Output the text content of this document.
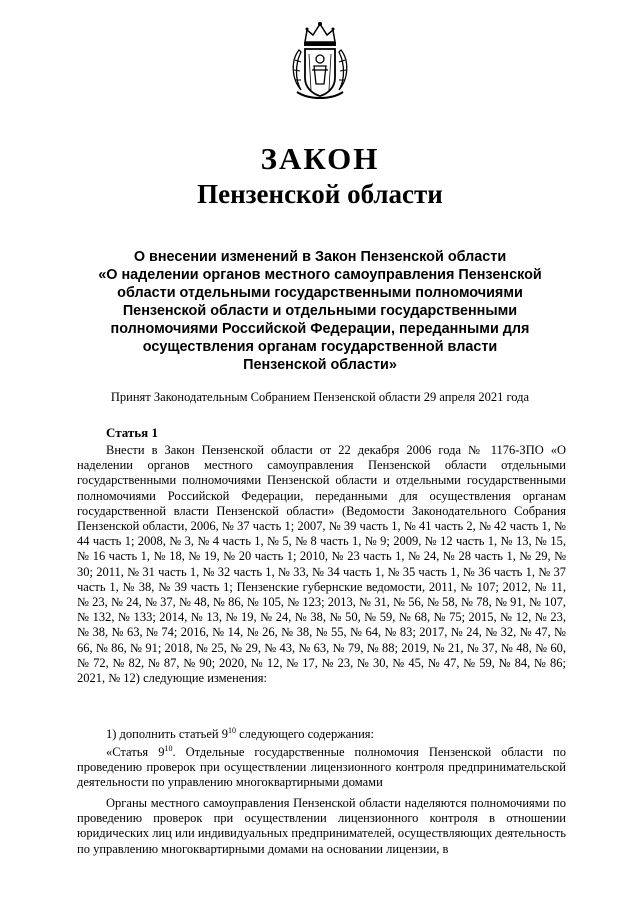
ЗАКОН
Пензенской области
О внесении изменений в Закон Пензенской области
«О наделении органов местного самоуправления Пензенской
области отдельными государственными полномочиями
Пензенской области и отдельными государственными
полномочиями Российской Федерации, переданными для
осуществления органам государственной власти
Пензенской области»
Принят Законодательным Собранием Пензенской области 29 апреля 2021 года
Статья 1

Внести в Закон Пензенской области от 22 декабря 2006 года № 1176-ЗПО «О наделении органов местного самоуправления Пензенской области отдельными государственными полномочиями Пензенской области и отдельными государственными полномочиями Российской Федерации, переданными для осуществления органам государственной власти Пензенской области» (Ведомости Законодательного Собрания Пензенской области, 2006, № 37 часть 1; 2007, № 39 часть 1, № 41 часть 2, № 42 часть 1, № 44 часть 1; 2008, № 3, № 4 часть 1, № 5, № 8 часть 1, № 9; 2009, № 12 часть 1, № 13, № 15, № 16 часть 1, № 18, № 19, № 20 часть 1; 2010, № 23 часть 1, № 24, № 28 часть 1, № 29, № 30; 2011, № 31 часть 1, № 32 часть 1, № 33, № 34 часть 1, № 35 часть 1, № 36 часть 1, № 37 часть 1, № 38, № 39 часть 1; Пензенские губернские ведомости, 2011, № 107; 2012, № 11, № 23, № 24, № 37, № 48, № 86, № 105, № 123; 2013, № 31, № 56, № 58, № 78, № 91, № 107, № 132, № 133; 2014, № 13, № 19, № 24, № 38, № 50, № 59, № 68, № 75; 2015, № 12, № 23, № 38, № 63, № 74; 2016, № 14, № 26, № 38, № 55, № 64, № 83; 2017, № 24, № 32, № 47, № 66, № 86, № 91; 2018, № 25, № 29, № 43, № 63, № 79, № 88; 2019, № 21, № 37, № 48, № 60, № 72, № 82, № 87, № 90; 2020, № 12, № 17, № 23, № 30, № 45, № 47, № 59, № 84, № 86; 2021, № 12) следующие изменения:

1) дополнить статьей $9^{10}$ следующего содержания:

«Статья $9^{10}$. Отдельные государственные полномочия Пензенской области по проведению проверок при осуществлении лицензионного контроля предпринимательской деятельности по управлению многоквартирными домами

Органы местного самоуправления Пензенской области наделяются полномочиями по проведению проверок при осуществлении лицензионного контроля в отношении юридических лиц или индивидуальных предпринимателей, осуществляющих деятельность по управлению многоквартирными домами на основании лицензии, в
